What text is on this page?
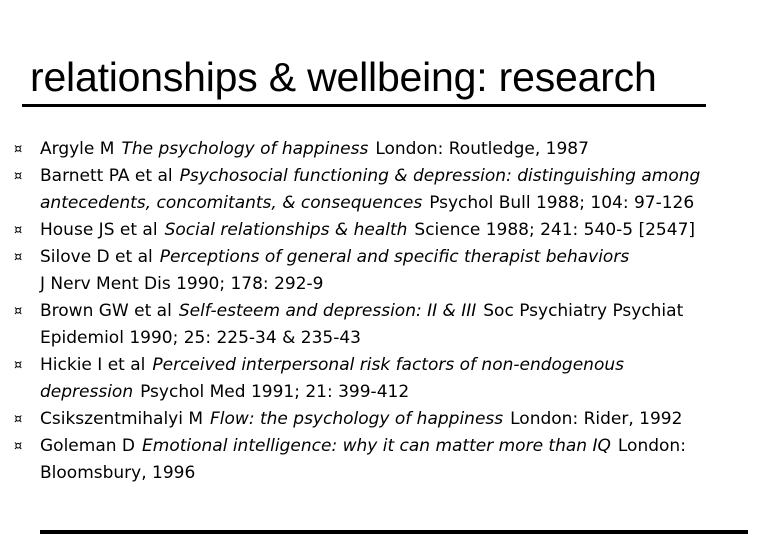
relationships & wellbeing: research
¤ Argyle M The psychology of happiness London: Routledge, 1987
¤ Barnett PA et al Psychosocial functioning & depression: distinguishing among
antecedents, concomitants, & consequences Psychol Bull 1988; 104: 97-126
¤ House JS et al Social relationships & health Science 1988; 241: 540-5 [2547]
¤ Silove D et al Perceptions of general and specific therapist behaviors
J Nerv Ment Dis 1990; 178: 292-9
¤ Brown GW et al Self-esteem and depression: II & III Soc Psychiatry Psychiat
Epidemiol 1990; 25: 225-34 & 235-43
¤ Hickie I et al Perceived interpersonal risk factors of non-endogenous
depression Psychol Med 1991; 21: 399-412
¤ Csikszentmihalyi M Flow: the psychology of happiness London: Rider, 1992
¤ Goleman D Emotional intelligence: why it can matter more than IQ London:
Bloomsbury, 1996
